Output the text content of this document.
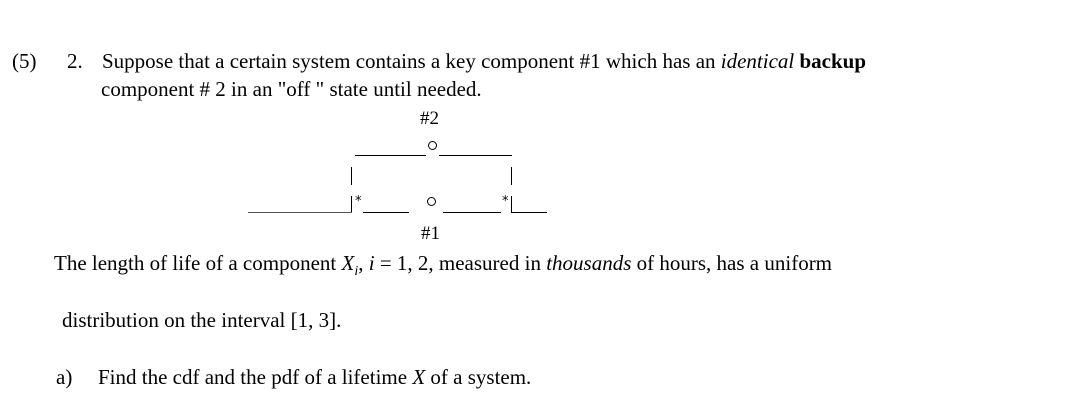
(5) 2. Suppose that a certain system contains a key component #1 which has an identical backup
component # 2 in an "off " state until needed.
#2
*	*
#1
The length of life of a component $X_i$, i = 1, 2, measured in thousands of hours, has a uniform
distribution on the interval [1, 3].
a) Find the cdf and the pdf of a lifetime X of a system.
